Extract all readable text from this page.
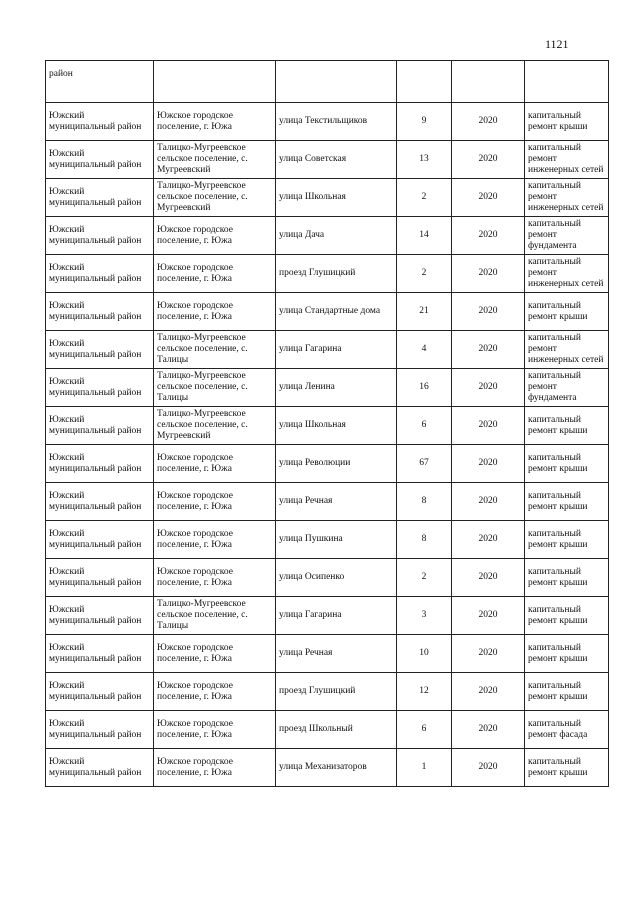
1121
район					
Южский муниципальный район	Южское городское поселение, г. Южа	улица Текстильщиков	9	2020	капитальный ремонт крыши
Южский муниципальный район	Талицко-Мугреевское сельское поселение, с. Мугреевский	улица Советская	13	2020	капитальный ремонт инженерных сетей
Южский муниципальный район	Талицко-Мугреевское сельское поселение, с. Мугреевский	улица Школьная	2	2020	капитальный ремонт инженерных сетей
Южский муниципальный район	Южское городское поселение, г. Южа	улица Дача	14	2020	капитальный ремонт фундамента
Южский муниципальный район	Южское городское поселение, г. Южа	проезд Глушицкий	2	2020	капитальный ремонт инженерных сетей
Южский муниципальный район	Южское городское поселение, г. Южа	улица Стандартные дома	21	2020	капитальный ремонт крыши
Южский муниципальный район	Талицко-Мугреевское сельское поселение, с. Талицы	улица Гагарина	4	2020	капитальный ремонт инженерных сетей
Южский муниципальный район	Талицко-Мугреевское сельское поселение, с. Талицы	улица Ленина	16	2020	капитальный ремонт фундамента
Южский муниципальный район	Талицко-Мугреевское сельское поселение, с. Мугреевский	улица Школьная	6	2020	капитальный ремонт крыши
Южский муниципальный район	Южское городское поселение, г. Южа	улица Революции	67	2020	капитальный ремонт крыши
Южский муниципальный район	Южское городское поселение, г. Южа	улица Речная	8	2020	капитальный ремонт крыши
Южский муниципальный район	Южское городское поселение, г. Южа	улица Пушкина	8	2020	капитальный ремонт крыши
Южский муниципальный район	Южское городское поселение, г. Южа	улица Осипенко	2	2020	капитальный ремонт крыши
Южский муниципальный район	Талицко-Мугреевское сельское поселение, с. Талицы	улица Гагарина	3	2020	капитальный ремонт крыши
Южский муниципальный район	Южское городское поселение, г. Южа	улица Речная	10	2020	капитальный ремонт крыши
Южский муниципальный район	Южское городское поселение, г. Южа	проезд Глушицкий	12	2020	капитальный ремонт крыши
Южский муниципальный район	Южское городское поселение, г. Южа	проезд Школьный	6	2020	капитальный ремонт фасада
Южский муниципальный район	Южское городское поселение, г. Южа	улица Механизаторов	1	2020	капитальный ремонт крыши
